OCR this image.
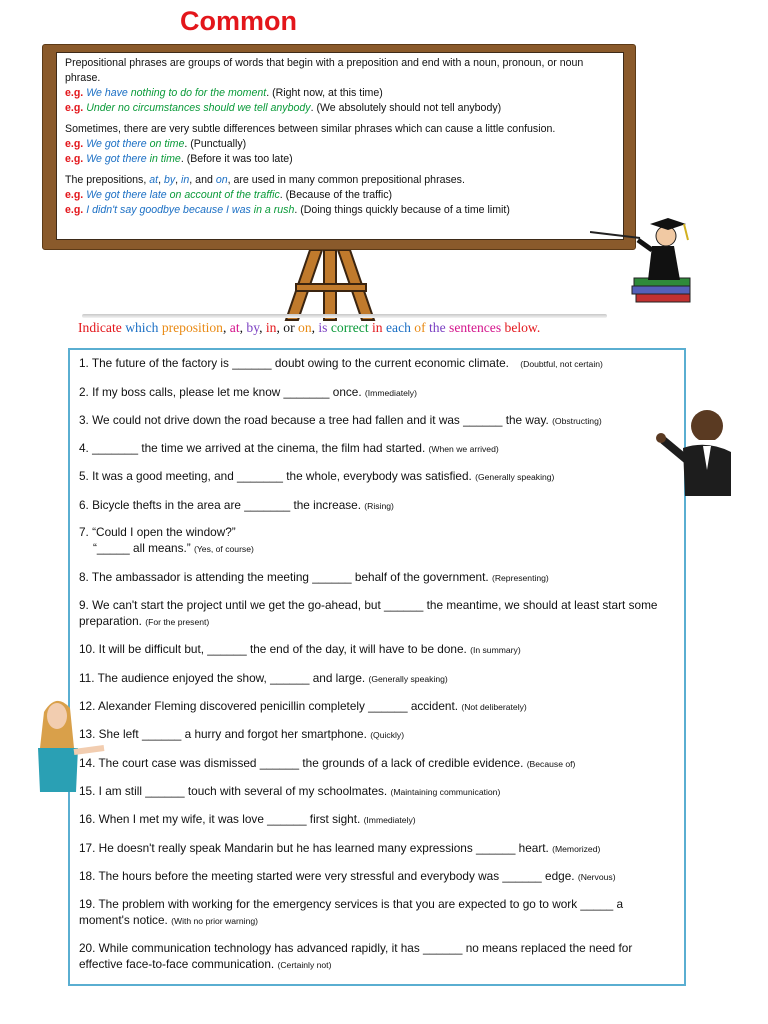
Common

Prepositional phrases are groups of words that begin with a preposition and end with a noun, pronoun, or noun phrase.
e.g. We have nothing to do for the moment. (Right now, at this time)
e.g. Under no circumstances should we tell anybody. (We absolutely should not tell anybody)

Sometimes, there are very subtle differences between similar phrases which can cause a little confusion.
e.g. We got there on time. (Punctually)
e.g. We got there in time. (Before it was too late)

The prepositions, at, by, in, and on, are used in many common prepositional phrases.
e.g. We got there late on account of the traffic. (Because of the traffic)
e.g. I didn't say goodbye because I was in a rush. (Doing things quickly because of a time limit)

Indicate which preposition, at, by, in, or on, is correct in each of the sentences below.
1. The future of the factory is ______ doubt owing to the current economic climate. (Doubtful, not certain)
2. If my boss calls, please let me know _______ once. (Immediately)
3. We could not drive down the road because a tree had fallen and it was ______ the way. (Obstructing)
4. _______ the time we arrived at the cinema, the film had started. (When we arrived)
5. It was a good meeting, and _______ the whole, everybody was satisfied. (Generally speaking)
6. Bicycle thefts in the area are _______ the increase. (Rising)
7. “Could I open the window?”
“_____ all means.” (Yes, of course)
8. The ambassador is attending the meeting ______ behalf of the government. (Representing)
9. We can't start the project until we get the go-ahead, but ______ the meantime, we should at least start some preparation. (For the present)
10. It will be difficult but, ______ the end of the day, it will have to be done. (In summary)
11. The audience enjoyed the show, ______ and large. (Generally speaking)
12. Alexander Fleming discovered penicillin completely ______ accident. (Not deliberately)
13. She left ______ a hurry and forgot her smartphone. (Quickly)
14. The court case was dismissed ______ the grounds of a lack of credible evidence. (Because of)
15. I am still ______ touch with several of my schoolmates. (Maintaining communication)
16. When I met my wife, it was love ______ first sight. (Immediately)
17. He doesn't really speak Mandarin but he has learned many expressions ______ heart. (Memorized)
18. The hours before the meeting started were very stressful and everybody was ______ edge. (Nervous)
19. The problem with working for the emergency services is that you are expected to go to work _____ a moment's notice. (With no prior warning)
20. While communication technology has advanced rapidly, it has ______ no means replaced the need for effective face-to-face communication. (Certainly not)
